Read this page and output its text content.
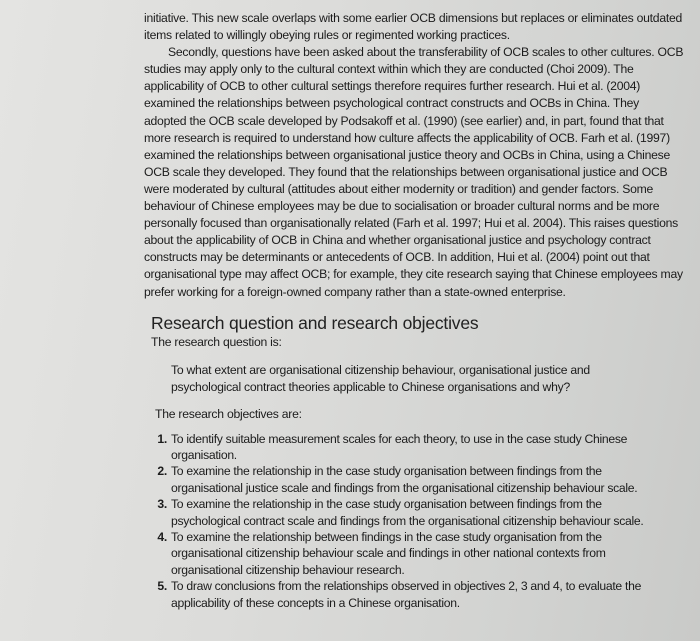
initiative. This new scale overlaps with some earlier OCB dimensions but replaces or eliminates outdated items related to willingly obeying rules or regimented working practices.

Secondly, questions have been asked about the transferability of OCB scales to other cultures. OCB studies may apply only to the cultural context within which they are conducted (Choi 2009). The applicability of OCB to other cultural settings therefore requires further research. Hui et al. (2004) examined the relationships between psychological contract constructs and OCBs in China. They adopted the OCB scale developed by Podsakoff et al. (1990) (see earlier) and, in part, found that that more research is required to understand how culture affects the applicability of OCB. Farh et al. (1997) examined the relationships between organisational justice theory and OCBs in China, using a Chinese OCB scale they developed. They found that the relationships between organisational justice and OCB were moderated by cultural (attitudes about either modernity or tradition) and gender factors. Some behaviour of Chinese employees may be due to socialisation or broader cultural norms and be more personally focused than organisationally related (Farh et al. 1997; Hui et al. 2004). This raises questions about the applicability of OCB in China and whether organisational justice and psychology contract constructs may be determinants or antecedents of OCB. In addition, Hui et al. (2004) point out that organisational type may affect OCB; for example, they cite research saying that Chinese employees may prefer working for a foreign-owned company rather than a state-owned enterprise.

Research question and research objectives

The research question is:

To what extent are organisational citizenship behaviour, organisational justice and psychological contract theories applicable to Chinese organisations and why?

The research objectives are:

1. To identify suitable measurement scales for each theory, to use in the case study Chinese organisation.
2. To examine the relationship in the case study organisation between findings from the organisational justice scale and findings from the organisational citizenship behaviour scale.
3. To examine the relationship in the case study organisation between findings from the psychological contract scale and findings from the organisational citizenship behaviour scale.
4. To examine the relationship between findings in the case study organisation from the organisational citizenship behaviour scale and findings in other national contexts from organisational citizenship behaviour research.
5. To draw conclusions from the relationships observed in objectives 2, 3 and 4, to evaluate the applicability of these concepts in a Chinese organisation.
